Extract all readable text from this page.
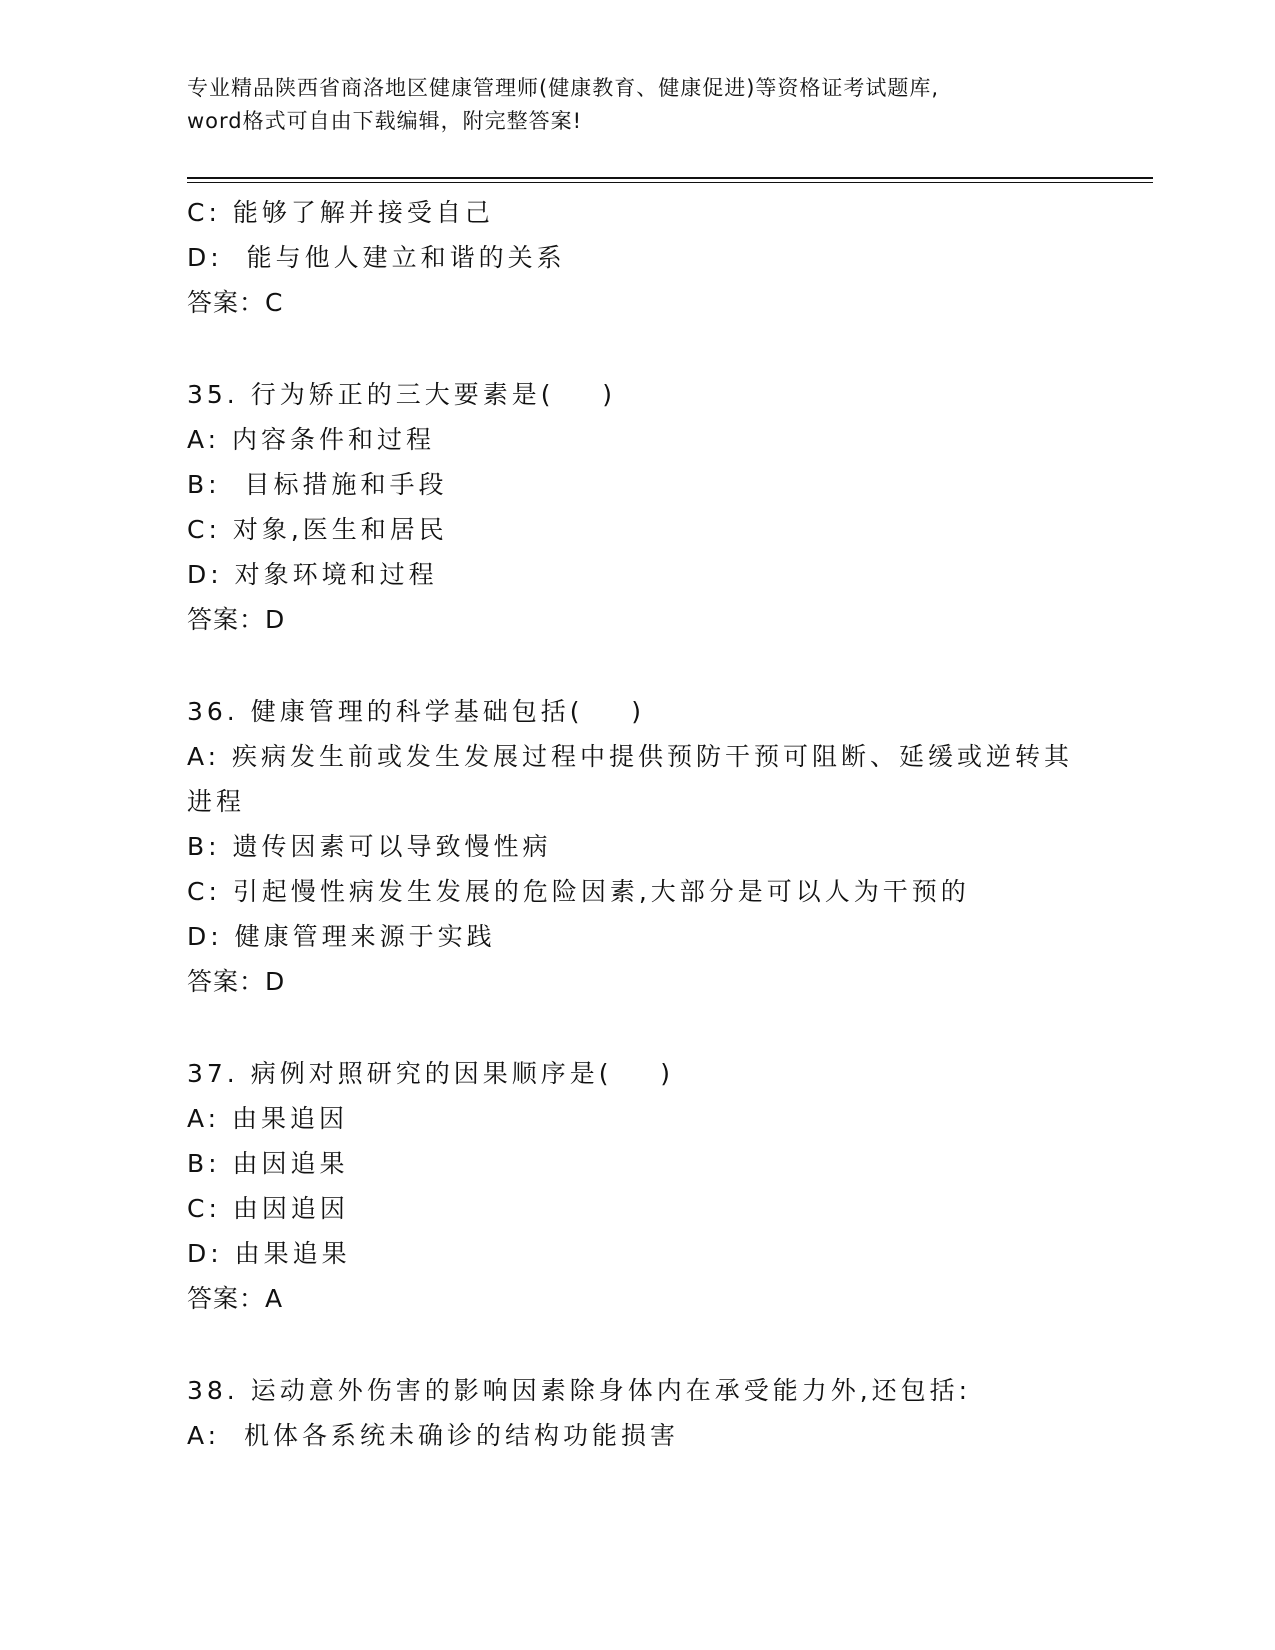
专业精品陕西省商洛地区健康管理师(健康教育、健康促进)等资格证考试题库,
word格式可自由下载编辑，附完整答案!
C: 能够了解并接受自己
D:  能与他人建立和谐的关系
答案：C
35. 行为矫正的三大要素是(    )
A: 内容条件和过程
B:  目标措施和手段
C: 对象,医生和居民
D: 对象环境和过程
答案：D
36. 健康管理的科学基础包括(    )
A: 疾病发生前或发生发展过程中提供预防干预可阻断、延缓或逆转其进程
B: 遗传因素可以导致慢性病
C: 引起慢性病发生发展的危险因素,大部分是可以人为干预的
D: 健康管理来源于实践
答案：D
37. 病例对照研究的因果顺序是(    )
A: 由果追因
B: 由因追果
C: 由因追因
D: 由果追果
答案：A
38. 运动意外伤害的影响因素除身体内在承受能力外,还包括:
A:  机体各系统未确诊的结构功能损害
